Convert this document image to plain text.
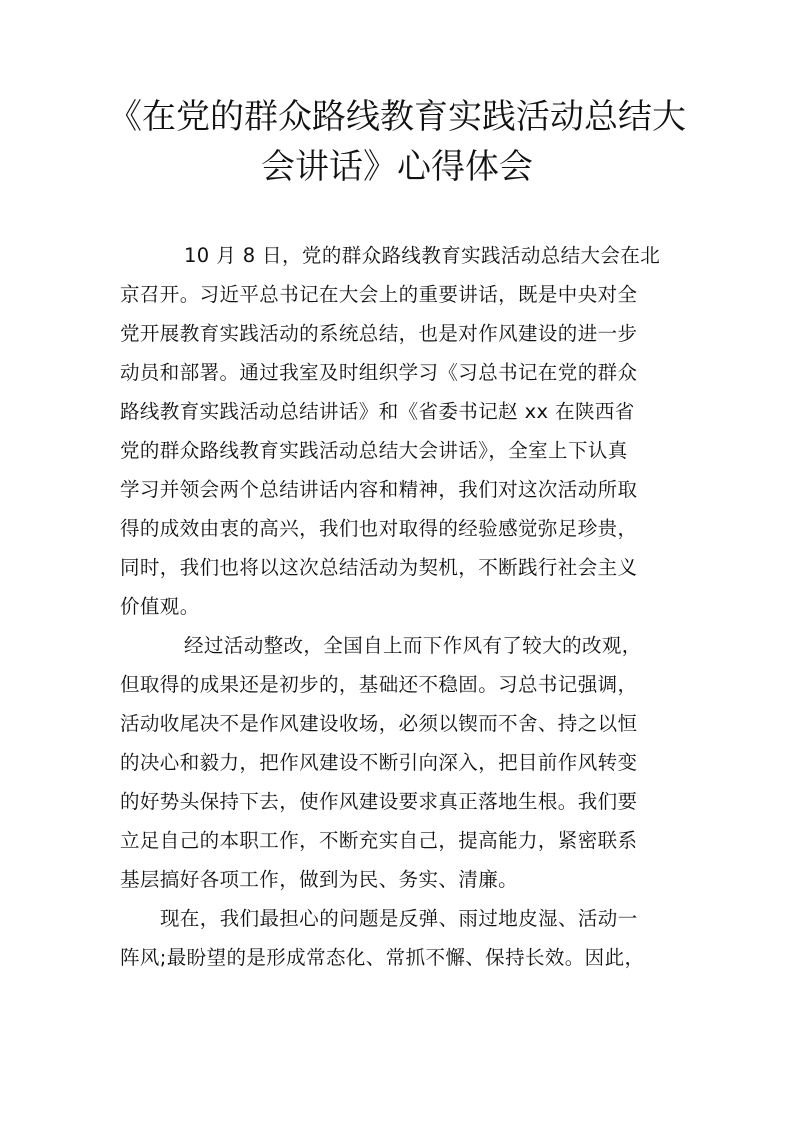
《在党的群众路线教育实践活动总结大
会讲话》心得体会
10 月 8 日，党的群众路线教育实践活动总结大会在北
京召开。习近平总书记在大会上的重要讲话，既是中央对全
党开展教育实践活动的系统总结，也是对作风建设的进一步
动员和部署。通过我室及时组织学习《习总书记在党的群众
路线教育实践活动总结讲话》和《省委书记赵 xx 在陕西省
党的群众路线教育实践活动总结大会讲话》，全室上下认真
学习并领会两个总结讲话内容和精神，我们对这次活动所取
得的成效由衷的高兴，我们也对取得的经验感觉弥足珍贵，
同时，我们也将以这次总结活动为契机，不断践行社会主义
价值观。
经过活动整改，全国自上而下作风有了较大的改观，
但取得的成果还是初步的，基础还不稳固。习总书记强调，
活动收尾决不是作风建设收场，必须以锲而不舍、持之以恒
的决心和毅力，把作风建设不断引向深入，把目前作风转变
的好势头保持下去，使作风建设要求真正落地生根。我们要
立足自己的本职工作，不断充实自己，提高能力，紧密联系
基层搞好各项工作，做到为民、务实、清廉。
现在，我们最担心的问题是反弹、雨过地皮湿、活动一
阵风;最盼望的是形成常态化、常抓不懈、保持长效。因此，
